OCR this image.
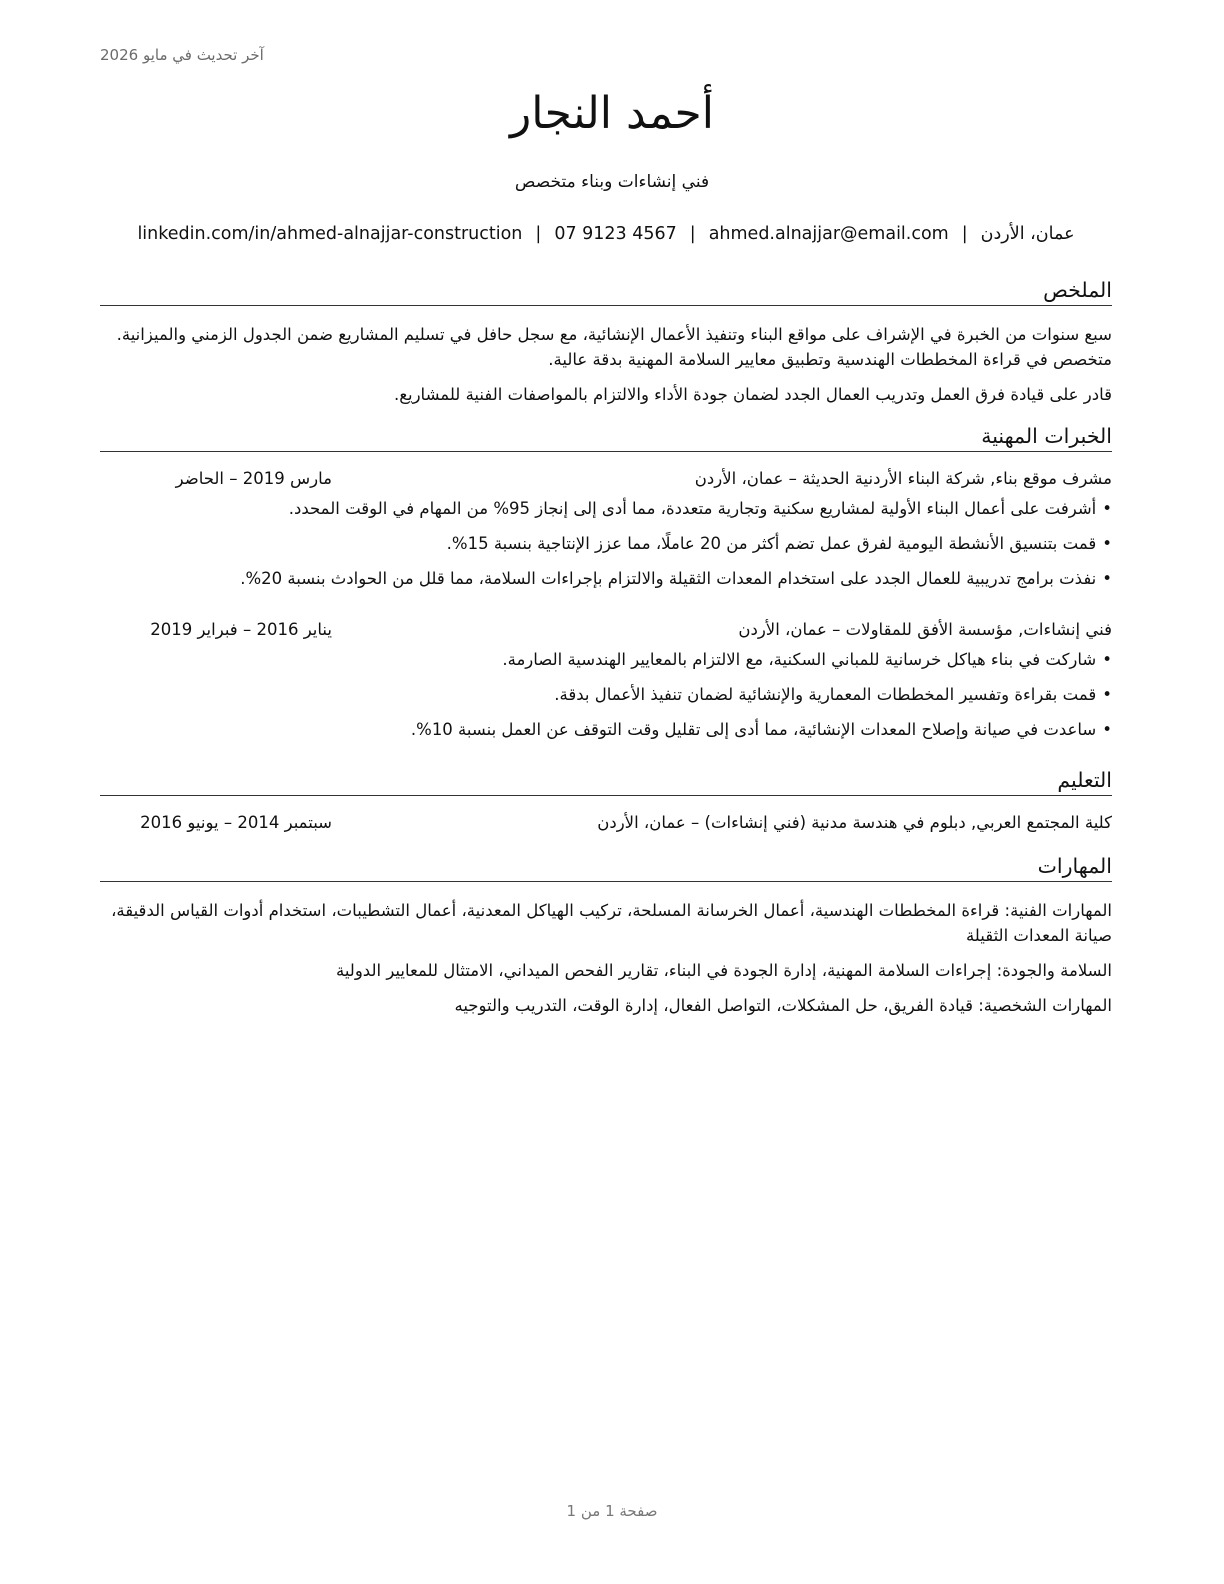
آخر تحديث في مايو 2026
أحمد النجار
فني إنشاءات وبناء متخصص
عمان، الأردن|ahmed.alnajjar@email.com|07 9123 4567|linkedin.com/in/ahmed-alnajjar-construction
الملخص

سبع سنوات من الخبرة في الإشراف على مواقع البناء وتنفيذ الأعمال الإنشائية، مع سجل حافل في تسليم المشاريع ضمن الجدول الزمني والميزانية. متخصص في قراءة المخططات الهندسية وتطبيق معايير السلامة المهنية بدقة عالية.

قادر على قيادة فرق العمل وتدريب العمال الجدد لضمان جودة الأداء والالتزام بالمواصفات الفنية للمشاريع.

الخبرات المهنية
مشرف موقع بناء, شركة البناء الأردنية الحديثة – عمان، الأردن
مارس 2019 – الحاضر
•أشرفت على أعمال البناء الأولية لمشاريع سكنية وتجارية متعددة، مما أدى إلى إنجاز 95% من المهام في الوقت المحدد.
•قمت بتنسيق الأنشطة اليومية لفرق عمل تضم أكثر من 20 عاملًا، مما عزز الإنتاجية بنسبة 15%.
•نفذت برامج تدريبية للعمال الجدد على استخدام المعدات الثقيلة والالتزام بإجراءات السلامة، مما قلل من الحوادث بنسبة 20%.
فني إنشاءات, مؤسسة الأفق للمقاولات – عمان، الأردن
يناير 2016 – فبراير 2019
•شاركت في بناء هياكل خرسانية للمباني السكنية، مع الالتزام بالمعايير الهندسية الصارمة.
•قمت بقراءة وتفسير المخططات المعمارية والإنشائية لضمان تنفيذ الأعمال بدقة.
•ساعدت في صيانة وإصلاح المعدات الإنشائية، مما أدى إلى تقليل وقت التوقف عن العمل بنسبة 10%.
التعليم
كلية المجتمع العربي, دبلوم في هندسة مدنية (فني إنشاءات) – عمان، الأردن
سبتمبر 2014 – يونيو 2016
المهارات

المهارات الفنية: قراءة المخططات الهندسية، أعمال الخرسانة المسلحة، تركيب الهياكل المعدنية، أعمال التشطيبات، استخدام أدوات القياس الدقيقة، صيانة المعدات الثقيلة

السلامة والجودة: إجراءات السلامة المهنية، إدارة الجودة في البناء، تقارير الفحص الميداني، الامتثال للمعايير الدولية

المهارات الشخصية: قيادة الفريق، حل المشكلات، التواصل الفعال، إدارة الوقت، التدريب والتوجيه

صفحة 1 من 1
